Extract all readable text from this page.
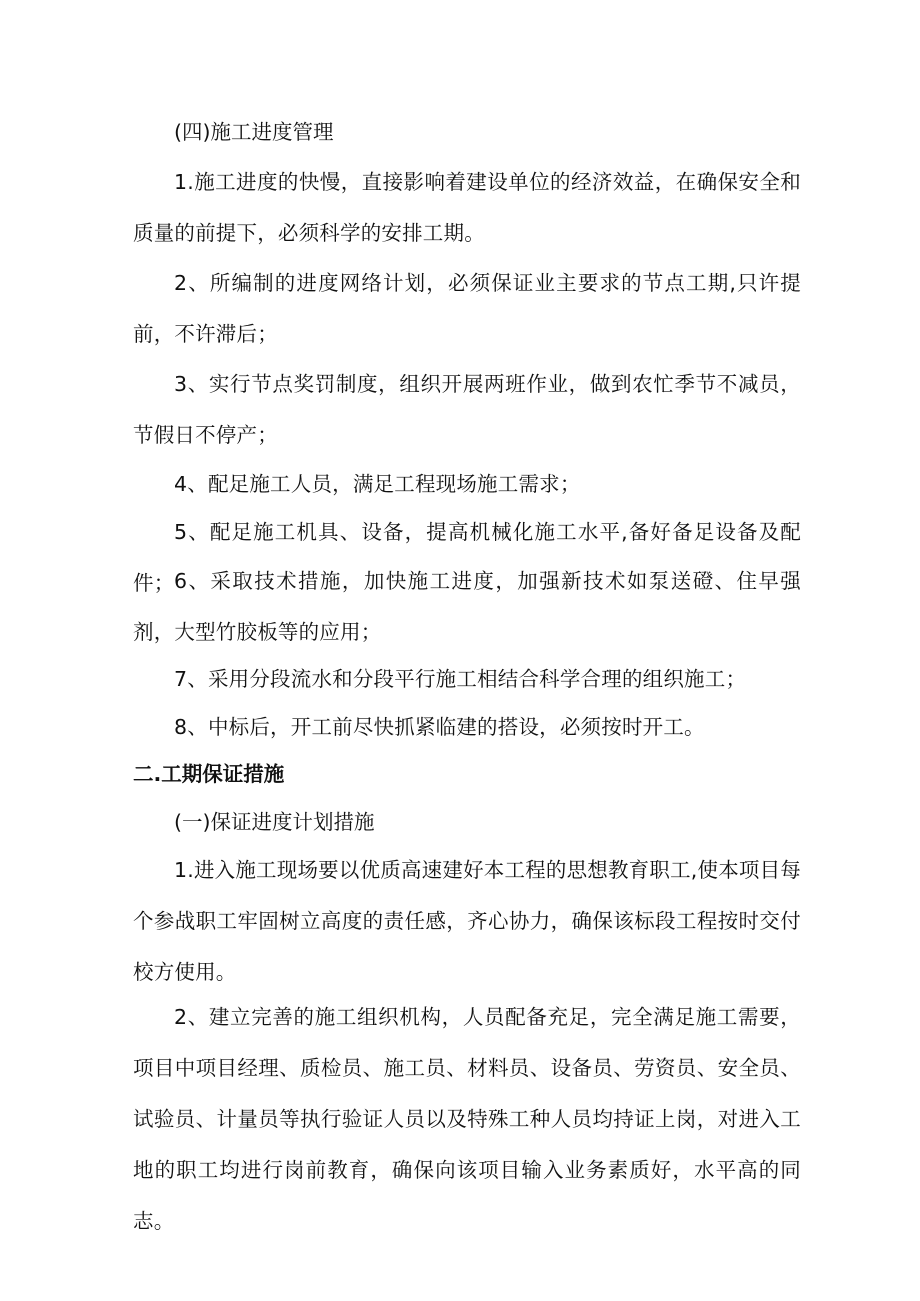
(四)施工进度管理

1.施工进度的快慢，直接影响着建设单位的经济效益，在确保安全和质量的前提下，必须科学的安排工期。

2、所编制的进度网络计划，必须保证业主要求的节点工期,只许提前，不许滞后；

3、实行节点奖罚制度，组织开展两班作业，做到农忙季节不减员，节假日不停产；

4、配足施工人员，满足工程现场施工需求；

5、配足施工机具、设备，提高机械化施工水平,备好备足设备及配件； 6、采取技术措施，加快施工进度，加强新技术如泵送磴、住早强剂，大型竹胶板等的应用；

7、采用分段流水和分段平行施工相结合科学合理的组织施工；

8、中标后，开工前尽快抓紧临建的搭设，必须按时开工。

二.工期保证措施

(一)保证进度计划措施

1.进入施工现场要以优质高速建好本工程的思想教育职工,使本项目每个参战职工牢固树立高度的责任感，齐心协力，确保该标段工程按时交付校方使用。

2、建立完善的施工组织机构，人员配备充足，完全满足施工需要，项目中项目经理、质检员、施工员、材料员、设备员、劳资员、安全员、试验员、计量员等执行验证人员以及特殊工种人员均持证上岗，对进入工地的职工均进行岗前教育，确保向该项目输入业务素质好，水平高的同志。
